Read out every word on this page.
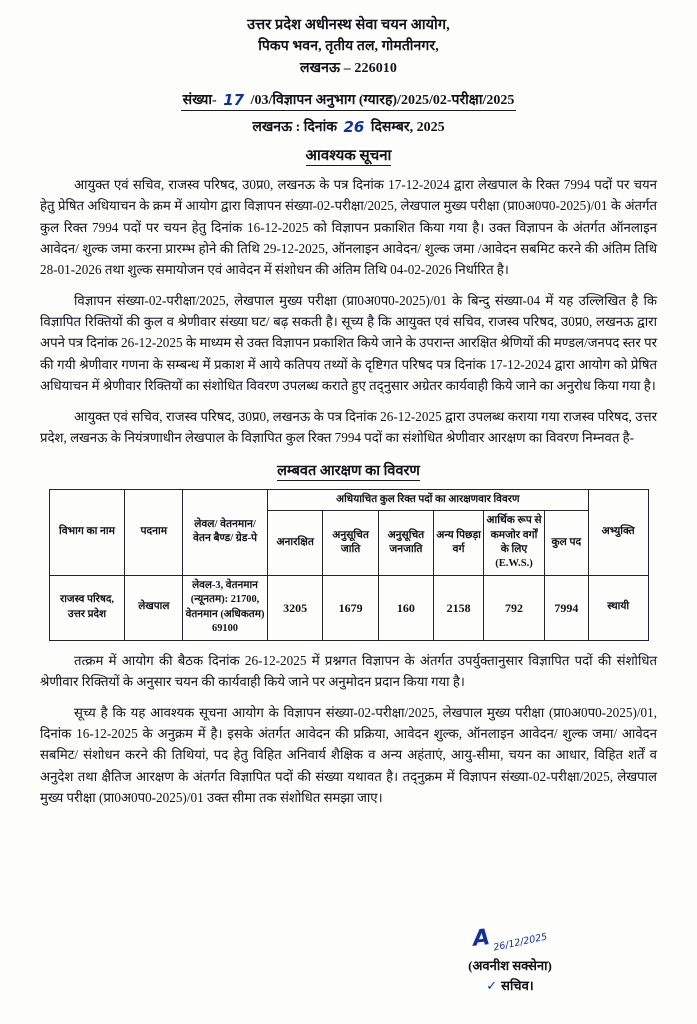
उत्तर प्रदेश अधीनस्थ सेवा चयन आयोग,
पिकप भवन, तृतीय तल, गोमतीनगर,
लखनऊ – 226010
संख्या- 17 /03/विज्ञापन अनुभाग (ग्यारह)/2025/02-परीक्षा/2025
लखनऊ : दिनांक 26 दिसम्बर, 2025
आवश्यक सूचना

आयुक्त एवं सचिव, राजस्व परिषद, उ0प्र0, लखनऊ के पत्र दिनांक 17-12-2024 द्वारा लेखपाल के रिक्त 7994 पदों पर चयन हेतु प्रेषित अधियाचन के क्रम में आयोग द्वारा विज्ञापन संख्या-02-परीक्षा/2025, लेखपाल मुख्य परीक्षा (प्रा0अ0प0-2025)/01 के अंतर्गत कुल रिक्त 7994 पदों पर चयन हेतु दिनांक 16-12-2025 को विज्ञापन प्रकाशित किया गया है। उक्त विज्ञापन के अंतर्गत ऑनलाइन आवेदन/ शुल्क जमा करना प्रारम्भ होने की तिथि 29-12-2025, ऑनलाइन आवेदन/ शुल्क जमा /आवेदन सबमिट करने की अंतिम तिथि 28-01-2026 तथा शुल्क समायोजन एवं आवेदन में संशोधन की अंतिम तिथि 04-02-2026 निर्धारित है।

विज्ञापन संख्या-02-परीक्षा/2025, लेखपाल मुख्य परीक्षा (प्रा0अ0प0-2025)/01 के बिन्दु संख्या-04 में यह उल्लिखित है कि विज्ञापित रिक्तियों की कुल व श्रेणीवार संख्या घट/ बढ़ सकती है। सूच्य है कि आयुक्त एवं सचिव, राजस्व परिषद, उ0प्र0, लखनऊ द्वारा अपने पत्र दिनांक 26-12-2025 के माध्यम से उक्त विज्ञापन प्रकाशित किये जाने के उपरान्त आरक्षित श्रेणियों की मण्डल/जनपद स्तर पर की गयी श्रेणीवार गणना के सम्बन्ध में प्रकाश में आये कतिपय तथ्यों के दृष्टिगत परिषद पत्र दिनांक 17-12-2024 द्वारा आयोग को प्रेषित अधियाचन में श्रेणीवार रिक्तियों का संशोधित विवरण उपलब्ध कराते हुए तद्नुसार अग्रेतर कार्यवाही किये जाने का अनुरोध किया गया है।

आयुक्त एवं सचिव, राजस्व परिषद, उ0प्र0, लखनऊ के पत्र दिनांक 26-12-2025 द्वारा उपलब्ध कराया गया राजस्व परिषद, उत्तर प्रदेश, लखनऊ के नियंत्रणाधीन लेखपाल के विज्ञापित कुल रिक्त 7994 पदों का संशोधित श्रेणीवार आरक्षण का विवरण निम्नवत है-

लम्बवत आरक्षण का विवरण
विभाग का नाम	पदनाम	लेवल/ वेतनमान/ वेतन बैण्ड/ ग्रेड-पे	अधियाचित कुल रिक्त पदों का आरक्षणवार विवरण						अभ्युक्ति

			अनारक्षित	अनुसूचित जाति	अनुसूचित जनजाति	अन्य पिछड़ा वर्ग	आर्थिक रूप से कमजोर वर्गों के लिए (E.W.S.)	कुल पद	
राजस्व परिषद, उत्तर प्रदेश	लेखपाल	लेवल-3, वेतनमान (न्यूनतम): 21700, वेतनमान (अधिकतम) 69100	3205	1679	160	2158	792	7994	स्थायी

तत्क्रम में आयोग की बैठक दिनांक 26-12-2025 में प्रश्नगत विज्ञापन के अंतर्गत उपर्युक्तानुसार विज्ञापित पदों की संशोधित श्रेणीवार रिक्तियों के अनुसार चयन की कार्यवाही किये जाने पर अनुमोदन प्रदान किया गया है।

सूच्य है कि यह आवश्यक सूचना आयोग के विज्ञापन संख्या-02-परीक्षा/2025, लेखपाल मुख्य परीक्षा (प्रा0अ0प0-2025)/01, दिनांक 16-12-2025 के अनुक्रम में है। इसके अंतर्गत आवेदन की प्रक्रिया, आवेदन शुल्क, ऑनलाइन आवेदन/ शुल्क जमा/ आवेदन सबमिट/ संशोधन करने की तिथियां, पद हेतु विहित अनिवार्य शैक्षिक व अन्य अहंताएं, आयु-सीमा, चयन का आधार, विहित शर्तें व अनुदेश तथा क्षैतिज आरक्षण के अंतर्गत विज्ञापित पदों की संख्या यथावत है। तद्नुक्रम में विज्ञापन संख्या-02-परीक्षा/2025, लेखपाल मुख्य परीक्षा (प्रा0अ0प0-2025)/01 उक्त सीमा तक संशोधित समझा जाए।

A 26/12/2025
(अवनीश सक्सेना)
✓ सचिव।
